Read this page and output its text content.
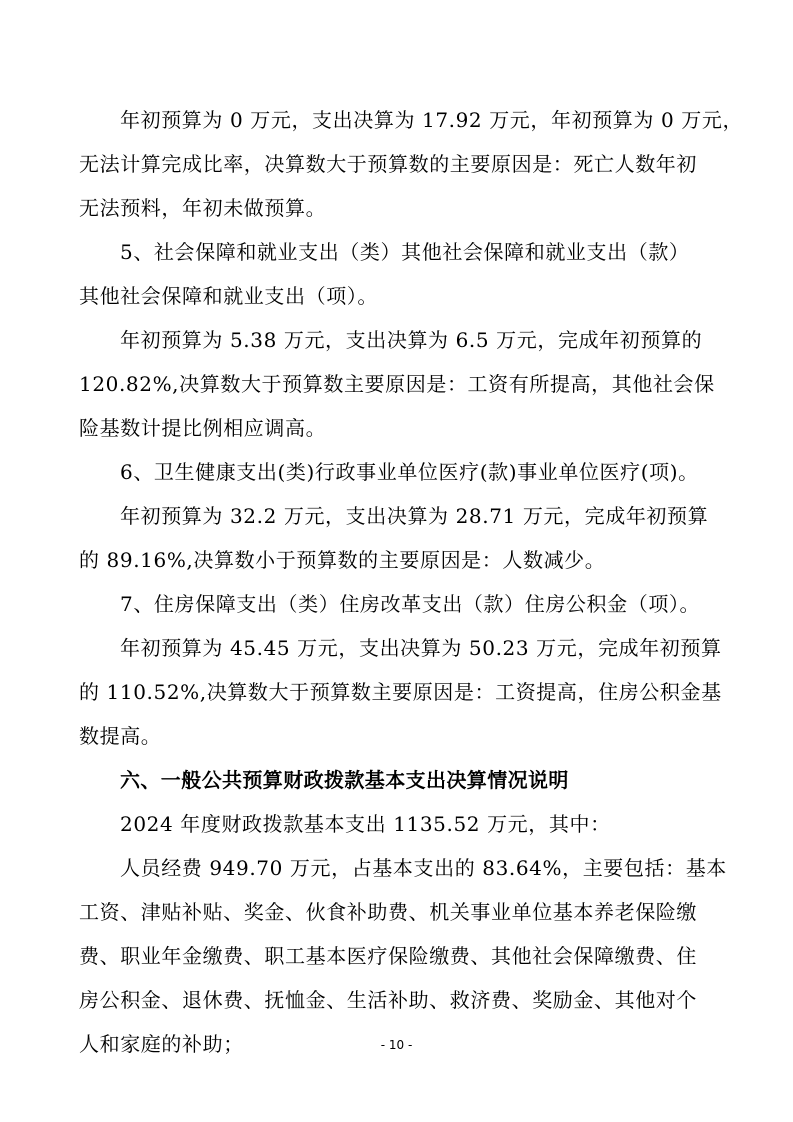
年初预算为 0 万元，支出决算为 17.92 万元，年初预算为 0 万元，
无法计算完成比率，决算数大于预算数的主要原因是：死亡人数年初
无法预料，年初未做预算。
5、社会保障和就业支出（类）其他社会保障和就业支出（款）
其他社会保障和就业支出（项）。
年初预算为 5.38 万元，支出决算为 6.5 万元，完成年初预算的
120.82%,决算数大于预算数主要原因是：工资有所提高，其他社会保
险基数计提比例相应调高。
6、卫生健康支出(类)行政事业单位医疗(款)事业单位医疗(项)。
年初预算为 32.2 万元，支出决算为 28.71 万元，完成年初预算
的 89.16%,决算数小于预算数的主要原因是：人数减少。
7、住房保障支出（类）住房改革支出（款）住房公积金（项）。
年初预算为 45.45 万元，支出决算为 50.23 万元，完成年初预算
的 110.52%,决算数大于预算数主要原因是：工资提高，住房公积金基
数提高。
六、一般公共预算财政拨款基本支出决算情况说明
2024 年度财政拨款基本支出 1135.52 万元，其中：
人员经费 949.70 万元，占基本支出的 83.64%，主要包括：基本
工资、津贴补贴、奖金、伙食补助费、机关事业单位基本养老保险缴
费、职业年金缴费、职工基本医疗保险缴费、其他社会保障缴费、住
房公积金、退休费、抚恤金、生活补助、救济费、奖励金、其他对个
人和家庭的补助；	- 10 -
